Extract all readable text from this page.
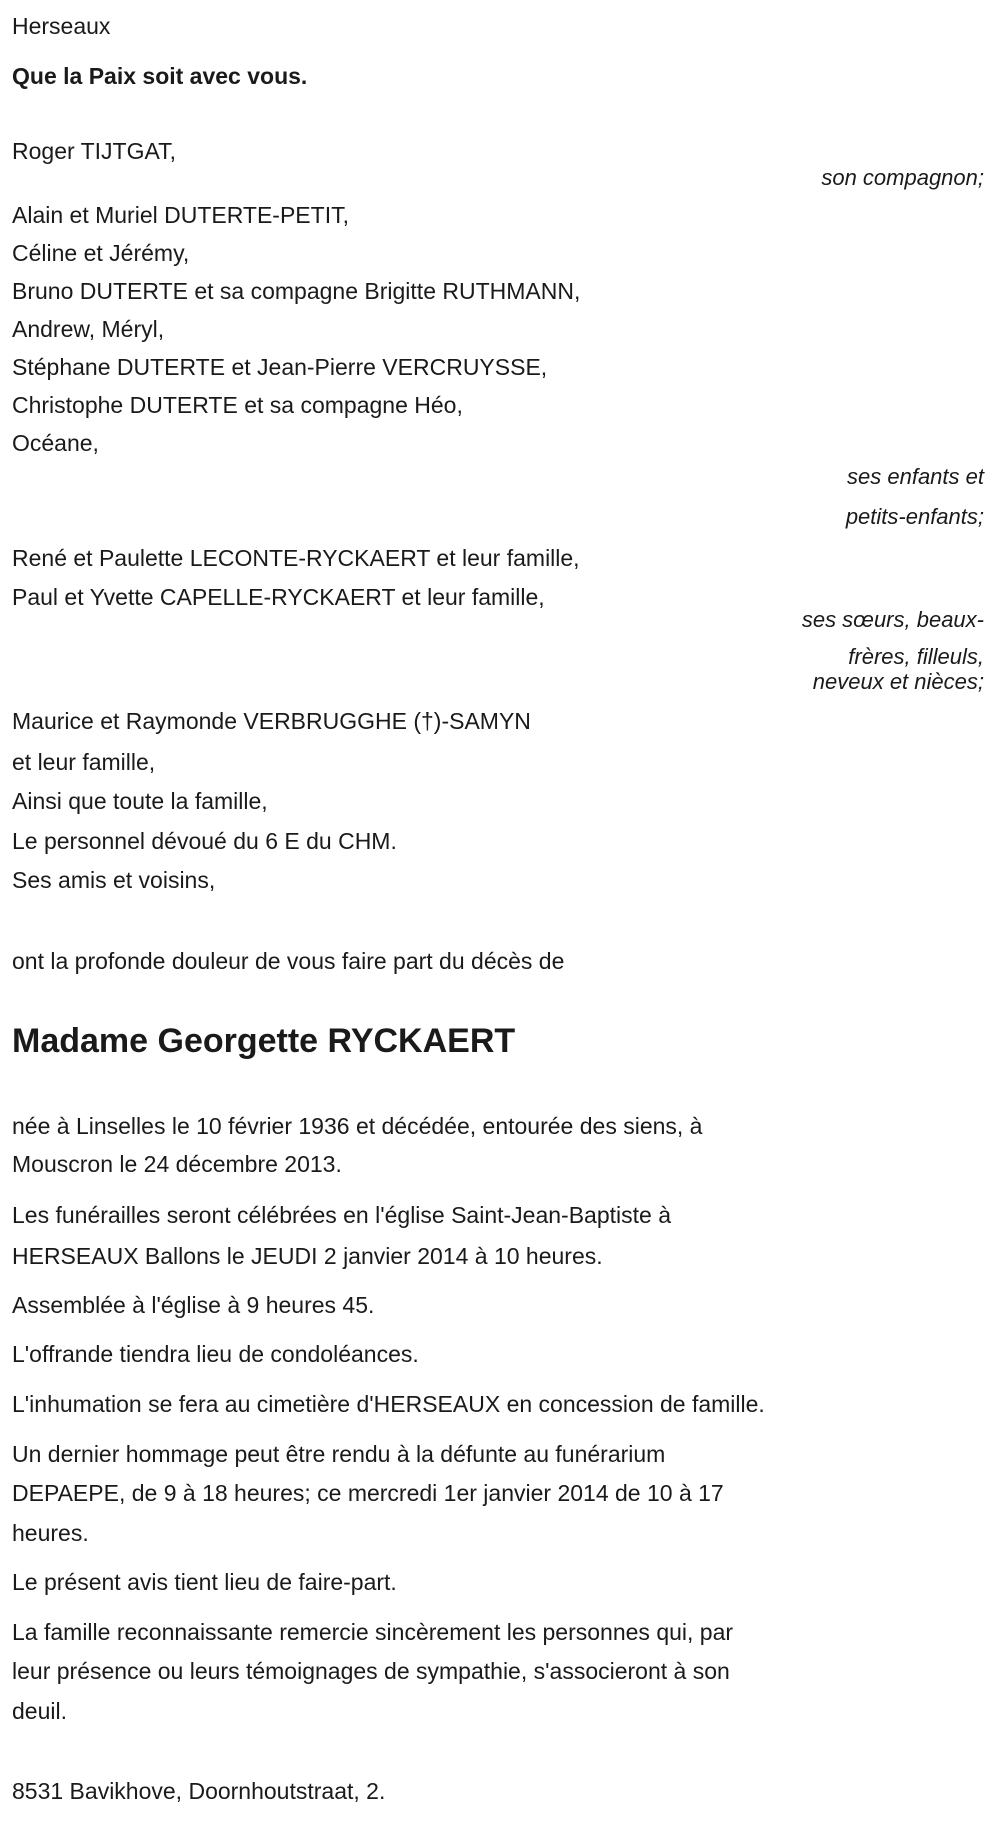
Herseaux
Que la Paix soit avec vous.
Roger TIJTGAT,
son compagnon;
Alain et Muriel DUTERTE-PETIT,
Céline et Jérémy,
Bruno DUTERTE et sa compagne Brigitte RUTHMANN,
Andrew, Méryl,
Stéphane DUTERTE et Jean-Pierre VERCRUYSSE,
Christophe DUTERTE et sa compagne Héo,
Océane,
ses enfants et
petits-enfants;
René et Paulette LECONTE-RYCKAERT et leur famille,
Paul et Yvette CAPELLE-RYCKAERT et leur famille,
ses sœurs, beaux-
frères, filleuls,
neveux et nièces;
Maurice et Raymonde VERBRUGGHE (†)-SAMYN
et leur famille,
Ainsi que toute la famille,
Le personnel dévoué du 6 E du CHM.
Ses amis et voisins,
ont la profonde douleur de vous faire part du décès de
Madame Georgette RYCKAERT
née à Linselles le 10 février 1936 et décédée, entourée des siens, à
Mouscron le 24 décembre 2013.
Les funérailles seront célébrées en l'église Saint-Jean-Baptiste à
HERSEAUX Ballons le JEUDI 2 janvier 2014 à 10 heures.
Assemblée à l'église à 9 heures 45.
L'offrande tiendra lieu de condoléances.
L'inhumation se fera au cimetière d'HERSEAUX en concession de famille.
Un dernier hommage peut être rendu à la défunte au funérarium
DEPAEPE, de 9 à 18 heures; ce mercredi 1er janvier 2014 de 10 à 17
heures.
Le présent avis tient lieu de faire-part.
La famille reconnaissante remercie sincèrement les personnes qui, par
leur présence ou leurs témoignages de sympathie, s'associeront à son
deuil.
8531 Bavikhove, Doornhoutstraat, 2.
